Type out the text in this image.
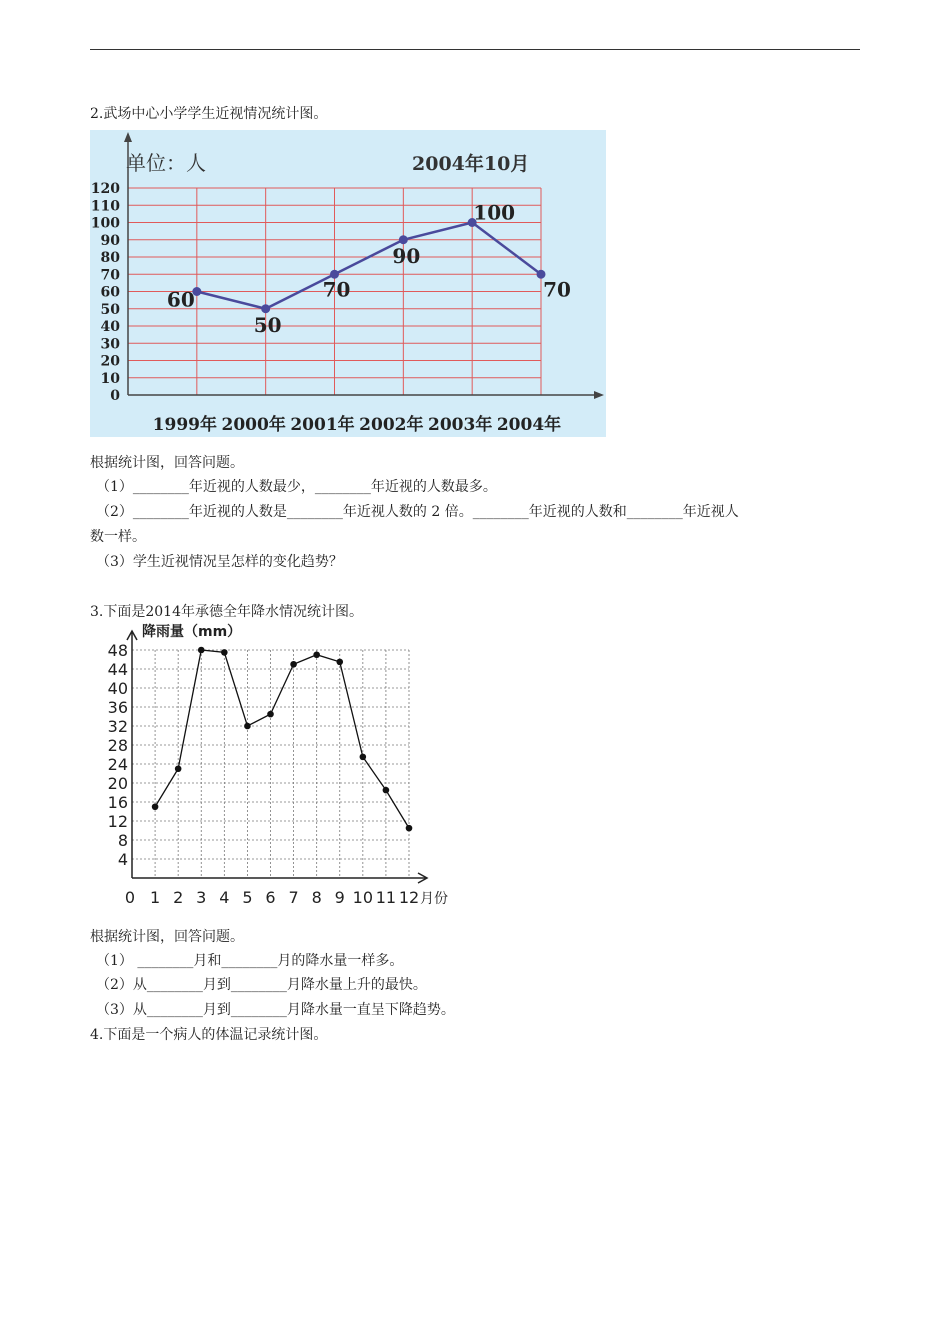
2.武场中心小学学生近视情况统计图。
单位：人	2004年10月
0
10
20
30
40
50
60
70
80
90
100
110
120
1999年 2000年 2001年 2002年 2003年 2004年
60
50
70
90
100
70
根据统计图，回答问题。
（1）________年近视的人数最少，________年近视的人数最多。
（2）________年近视的人数是________年近视人数的 2 倍。________年近视的人数和________年近视人
数一样。
（3）学生近视情况呈怎样的变化趋势？
3.下面是2014年承德全年降水情况统计图。
降雨量（mm）
月份
4
8
12
16
20
24
28
32
36
40
44
48
0 1 2 3 4 5 6 7 8 9 10 11 12
根据统计图，回答问题。
（1） ________月和________月的降水量一样多。
（2）从________月到________月降水量上升的最快。
（3）从________月到________月降水量一直呈下降趋势。
4.下面是一个病人的体温记录统计图。
